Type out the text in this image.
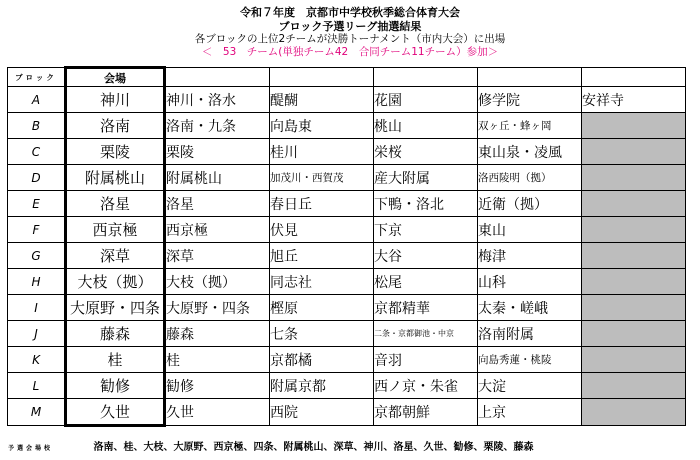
令和７年度　京都市中学校秋季総合体育大会
ブロック予選リーグ抽選結果
各ブロックの上位2チームが決勝トーナメント（市内大会）に出場
＜　53　チーム(単独チーム42　合同チーム11チーム）参加＞
ブロック	会場					
A	神川	神川・洛水	醍醐	花園	修学院	安祥寺
B	洛南	洛南・九条	向島東	桃山	双ヶ丘・蜂ヶ岡	
C	栗陵	栗陵	桂川	栄桜	東山泉・凌風	
D	附属桃山	附属桃山	加茂川・西賀茂	産大附属	洛西陵明（拠）	
E	洛星	洛星	春日丘	下鴨・洛北	近衛（拠）	
F	西京極	西京極	伏見	下京	東山	
G	深草	深草	旭丘	大谷	梅津	
H	大枝（拠）	大枝（拠）	同志社	松尾	山科	
I	大原野・四条	大原野・四条	樫原	京都精華	太秦・嵯峨	
J	藤森	藤森	七条	二条・京都御池・中京	洛南附属	
K	桂	桂	京都橘	音羽	向島秀蓮・桃陵	
L	勧修	勧修	附属京都	西ノ京・朱雀	大淀	
M	久世	久世	西院	京都朝鮮	上京	
予選会場校	洛南、桂、大枝、大原野、西京極、四条、附属桃山、深草、神川、洛星、久世、勧修、栗陵、藤森
